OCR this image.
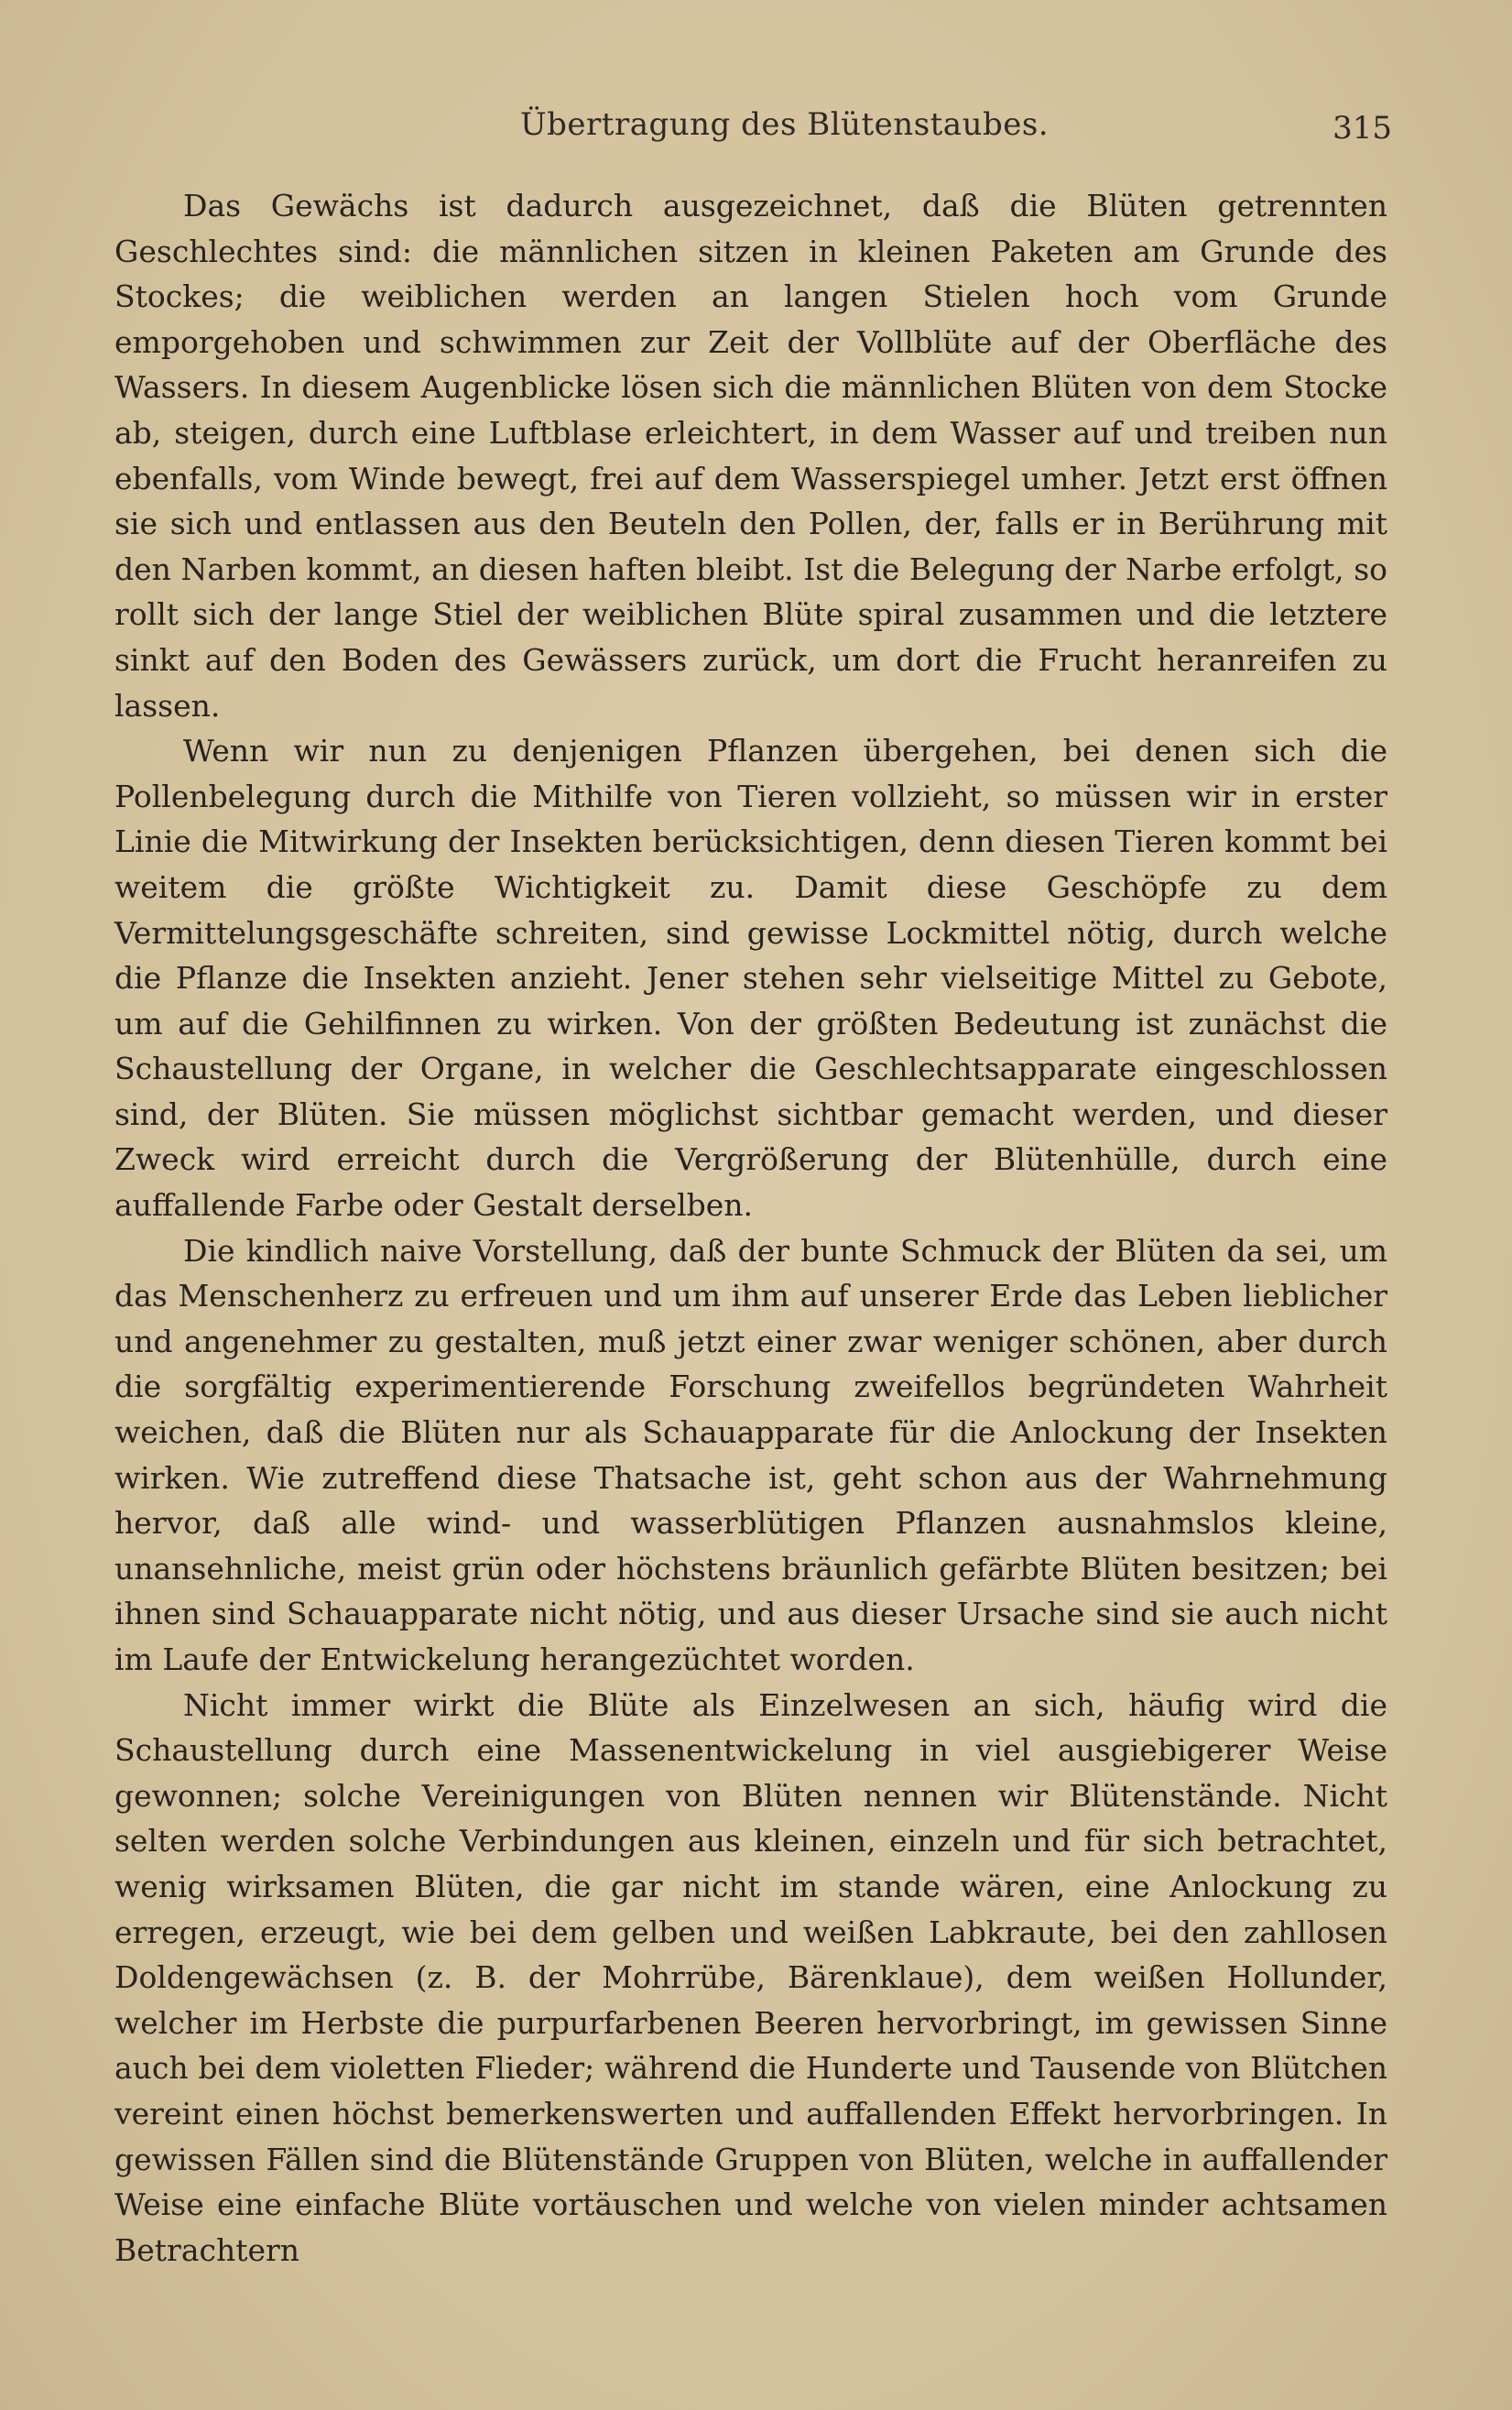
Übertragung des Blütenstaubes.	315

Das Gewächs ist dadurch ausgezeichnet, daß die Blüten getrennten Geschlechtes sind: die männlichen sitzen in kleinen Paketen am Grunde des Stockes; die weiblichen werden an langen Stielen hoch vom Grunde emporgehoben und schwimmen zur Zeit der Vollblüte auf der Oberfläche des Wassers. In diesem Augenblicke lösen sich die männlichen Blüten von dem Stocke ab, steigen, durch eine Luftblase erleichtert, in dem Wasser auf und treiben nun ebenfalls, vom Winde bewegt, frei auf dem Wasserspiegel umher. Jetzt erst öffnen sie sich und entlassen aus den Beuteln den Pollen, der, falls er in Berührung mit den Narben kommt, an diesen haften bleibt. Ist die Belegung der Narbe erfolgt, so rollt sich der lange Stiel der weiblichen Blüte spiral zusammen und die letztere sinkt auf den Boden des Gewässers zurück, um dort die Frucht heranreifen zu lassen.

Wenn wir nun zu denjenigen Pflanzen übergehen, bei denen sich die Pollenbelegung durch die Mithilfe von Tieren vollzieht, so müssen wir in erster Linie die Mitwirkung der Insekten berücksichtigen, denn diesen Tieren kommt bei weitem die größte Wichtigkeit zu. Damit diese Geschöpfe zu dem Vermittelungsgeschäfte schreiten, sind gewisse Lockmittel nötig, durch welche die Pflanze die Insekten anzieht. Jener stehen sehr vielseitige Mittel zu Gebote, um auf die Gehilfinnen zu wirken. Von der größten Bedeutung ist zunächst die Schaustellung der Organe, in welcher die Geschlechtsapparate eingeschlossen sind, der Blüten. Sie müssen möglichst sichtbar gemacht werden, und dieser Zweck wird erreicht durch die Vergrößerung der Blütenhülle, durch eine auffallende Farbe oder Gestalt derselben.

Die kindlich naive Vorstellung, daß der bunte Schmuck der Blüten da sei, um das Menschenherz zu erfreuen und um ihm auf unserer Erde das Leben lieblicher und angenehmer zu gestalten, muß jetzt einer zwar weniger schönen, aber durch die sorgfältig experimentierende Forschung zweifellos begründeten Wahrheit weichen, daß die Blüten nur als Schauapparate für die Anlockung der Insekten wirken. Wie zutreffend diese Thatsache ist, geht schon aus der Wahrnehmung hervor, daß alle wind- und wasserblütigen Pflanzen ausnahmslos kleine, unansehnliche, meist grün oder höchstens bräunlich gefärbte Blüten besitzen; bei ihnen sind Schauapparate nicht nötig, und aus dieser Ursache sind sie auch nicht im Laufe der Entwickelung herangezüchtet worden.

Nicht immer wirkt die Blüte als Einzelwesen an sich, häufig wird die Schaustellung durch eine Massenentwickelung in viel ausgiebigerer Weise gewonnen; solche Vereinigungen von Blüten nennen wir Blütenstände. Nicht selten werden solche Verbindungen aus kleinen, einzeln und für sich betrachtet, wenig wirksamen Blüten, die gar nicht im stande wären, eine Anlockung zu erregen, erzeugt, wie bei dem gelben und weißen Labkraute, bei den zahllosen Doldengewächsen (z. B. der Mohrrübe, Bärenklaue), dem weißen Hollunder, welcher im Herbste die purpurfarbenen Beeren hervorbringt, im gewissen Sinne auch bei dem violetten Flieder; während die Hunderte und Tausende von Blütchen vereint einen höchst bemerkenswerten und auffallenden Effekt hervorbringen. In gewissen Fällen sind die Blütenstände Gruppen von Blüten, welche in auffallender Weise eine einfache Blüte vortäuschen und welche von vielen minder achtsamen Betrachtern
